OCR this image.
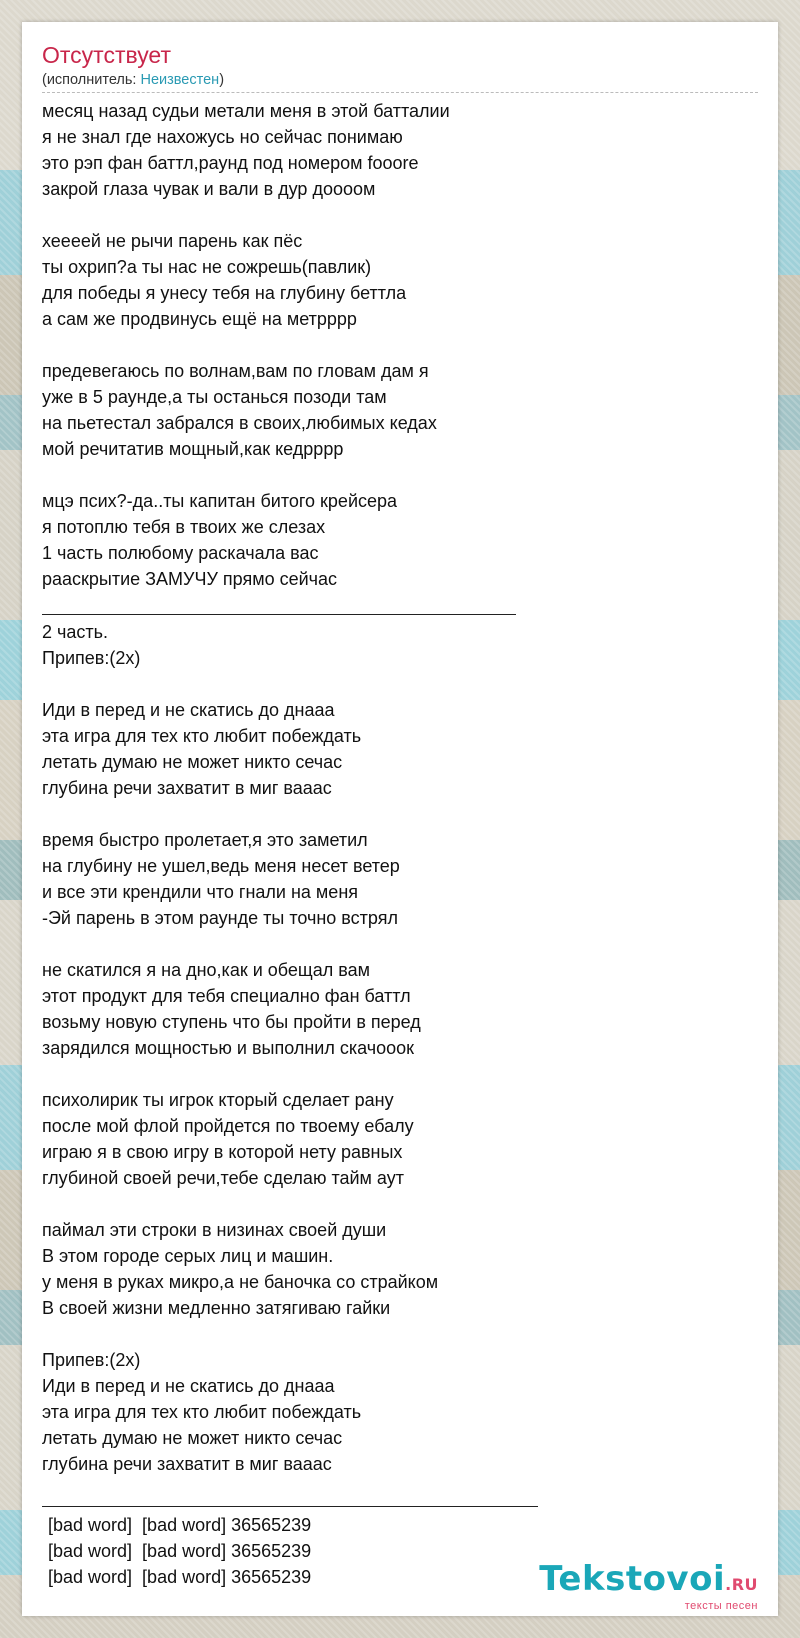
Отсутствует
(исполнитель: Неизвестен)
месяц назад судьи метали меня в этой батталии
я не знал где нахожусь но сейчас понимаю
это рэп фан баттл,раунд под номером fooore
закрой глаза чувак и вали в дур дoooом
хеееей не рычи парень как пёс
ты охрип?а ты нас не сожрешь(павлик)
для победы я унесу тебя на глубину беттла
а сам же продвинусь ещё на метрррр
предевегаюсь по волнам,вам по гловам дам я
уже в 5 раунде,а ты останься позоди там
на пьетестал забрался в своих,любимых кедах
мой речитатив мощный,как кедрррр
мцэ псих?-да..ты капитан битого крейсера
я потоплю тебя в твоих же слезах
1 часть полюбому раскачала вас
раaскрытие ЗАМУЧУ прямо сейчас
2 часть.
Припев:(2x)
Иди в перед и не скатись до днааа
эта игра для тех кто любит побеждать
летать думаю не может никто сечас
глубина речи захватит в миг вааас
время быстро пролетает,я это заметил
на глубину не ушел,ведь меня несет ветер
и все эти крендили что гнали на меня
-Эй парень в этом раунде ты точно встрял
не скатился я на дно,как и обещал вам
этот продукт для тебя специално фан баттл
возьму новую ступень что бы пройти в перед
зарядился мощностью и выполнил скачооок
психолирик ты игрок кторый сделает рану
после мой флой пройдется по твоему ебалу
играю я в свою игру в которой нету равных
глубиной своей речи,тебе сделаю тайм аут
паймал эти строки в низинах своей души
В этом городе серых лиц и машин.
у меня в руках микро,а не баночка со страйком
В своей жизни медленно затягиваю гайки
Припев:(2x)
Иди в перед и не скатись до днааа
эта игра для тех кто любит побеждать
летать думаю не может никто сечас
глубина речи захватит в миг вааас
[bad word]  [bad word] 36565239
[bad word]  [bad word] 36565239
[bad word]  [bad word] 36565239	Tekstovoi.RU
тексты песен
